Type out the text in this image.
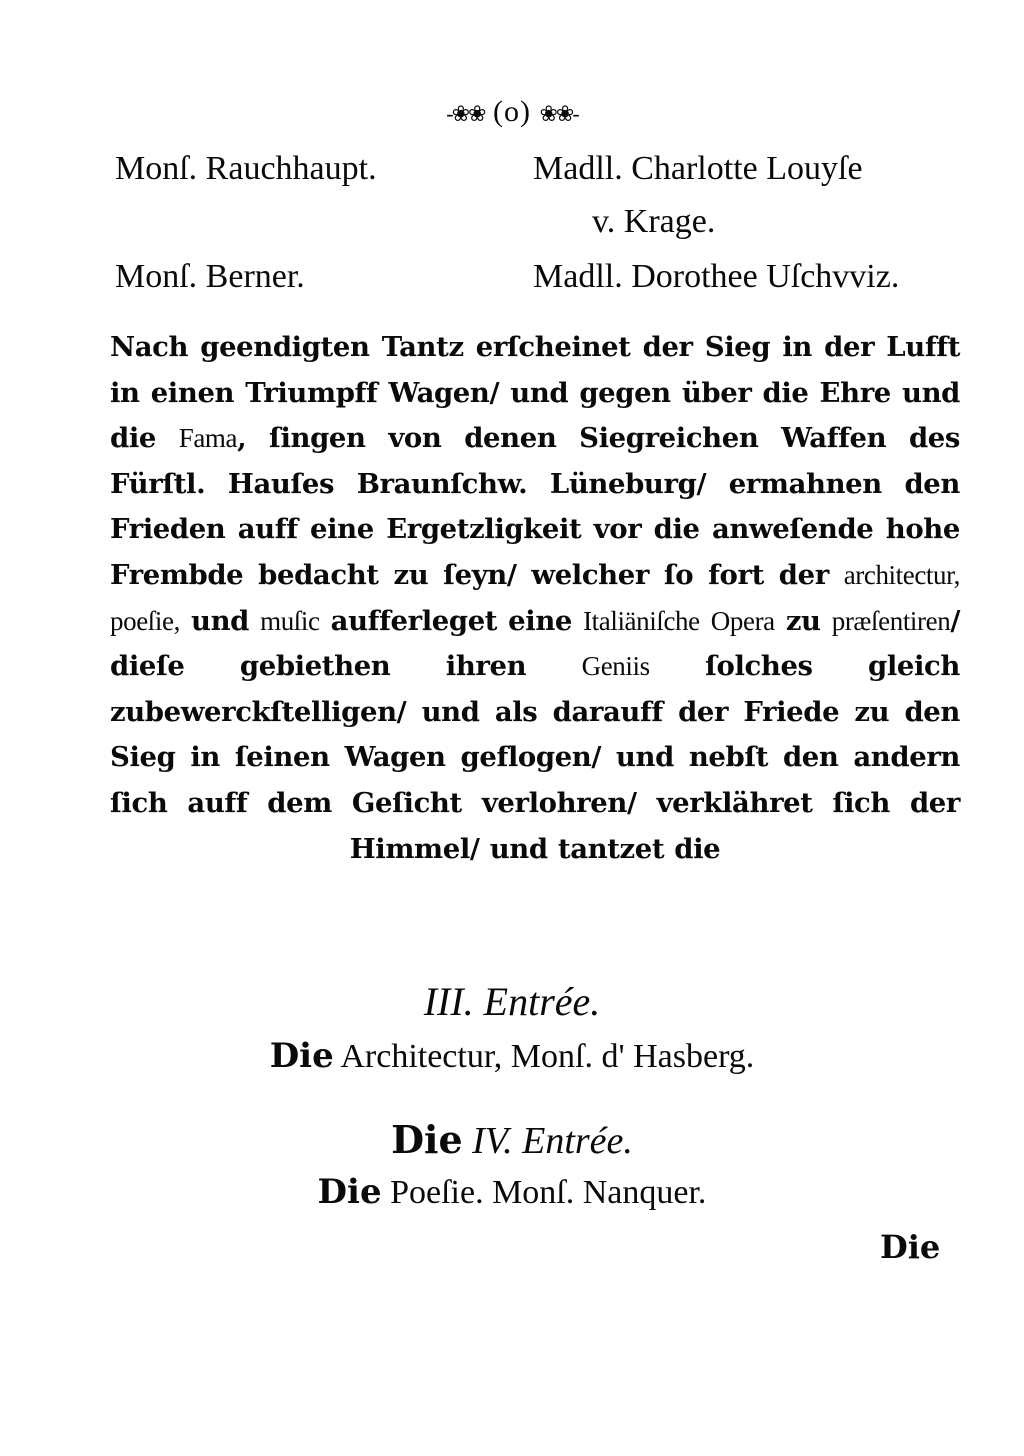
-❀❀ (o) ❀❀-
Monſ. Rauchhaupt.	Madll. Charlotte Louyſe
v. Krage.
Monſ. Berner.	Madll. Dorothee Uſchvviz.
Nach geendigten Tantz erſcheinet der Sieg in der Lufft in einen Triumpff Wagen/ und gegen über die Ehre und die Fama, ſingen von denen Siegreichen Waffen des Fürſtl. Hauſes Braunſchw. Lüneburg/ ermahnen den Frieden auff eine Ergetzligkeit vor die anweſende hohe Frembde bedacht zu ſeyn/ welcher ſo fort der architectur, poeſie, und muſic aufferleget eine Italiäniſche Opera zu præſentiren/ dieſe gebiethen ihren Geniis ſolches gleich zubewerckſtelligen/ und als darauff der Friede zu den Sieg in ſeinen Wagen geflogen/ und nebſt den andern ſich auff dem Geſicht verlohren/ verklähret ſich der Himmel/ und tantzet die
III. Entrée.
Die Architectur, Monſ. d' Hasberg.
Die IV. Entrée.
Die Poeſie. Monſ. Nanquer.
Die
